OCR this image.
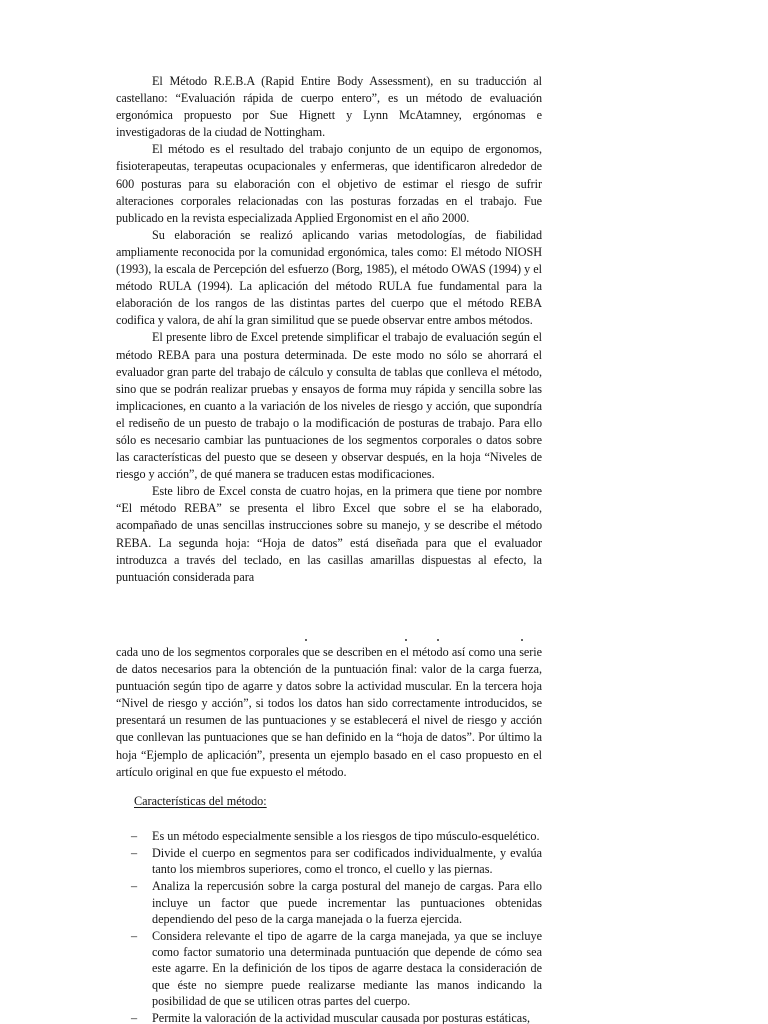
El Método R.E.B.A (Rapid Entire Body Assessment), en su traducción al castellano: “Evaluación rápida de cuerpo entero”, es un método de evaluación ergonómica propuesto por Sue Hignett y Lynn McAtamney, ergónomas e investigadoras de la ciudad de Nottingham.

El método es el resultado del trabajo conjunto de un equipo de ergonomos, fisioterapeutas, terapeutas ocupacionales y enfermeras, que identificaron alrededor de 600 posturas para su elaboración con el objetivo de estimar el riesgo de sufrir alteraciones corporales relacionadas con las posturas forzadas en el trabajo. Fue publicado en la revista especializada Applied Ergonomist en el año 2000.

Su elaboración se realizó aplicando varias metodologías, de fiabilidad ampliamente reconocida por la comunidad ergonómica, tales como: El método NIOSH (1993), la escala de Percepción del esfuerzo (Borg, 1985), el método OWAS (1994) y el método RULA (1994). La aplicación del método RULA fue fundamental para la elaboración de los rangos de las distintas partes del cuerpo que el método REBA codifica y valora, de ahí la gran similitud que se puede observar entre ambos métodos.

El presente libro de Excel pretende simplificar el trabajo de evaluación según el método REBA para una postura determinada. De este modo no sólo se ahorrará el evaluador gran parte del trabajo de cálculo y consulta de tablas que conlleva el método, sino que se podrán realizar pruebas y ensayos de forma muy rápida y sencilla sobre las implicaciones, en cuanto a la variación de los niveles de riesgo y acción, que supondría el rediseño de un puesto de trabajo o la modificación de posturas de trabajo. Para ello sólo es necesario cambiar las puntuaciones de los segmentos corporales o datos sobre las características del puesto que se deseen y observar después, en la hoja “Niveles de riesgo y acción”, de qué manera se traducen estas modificaciones.

Este libro de Excel consta de cuatro hojas, en la primera que tiene por nombre “El método REBA” se presenta el libro Excel que sobre el se ha elaborado, acompañado de unas sencillas instrucciones sobre su manejo, y se describe el método REBA. La segunda hoja: “Hoja de datos” está diseñada para que el evaluador introduzca a través del teclado, en las casillas amarillas dispuestas al efecto, la puntuación considerada para

cada uno de los segmentos corporales que se describen en el método así como una serie de datos necesarios para la obtención de la puntuación final: valor de la carga fuerza, puntuación según tipo de agarre y datos sobre la actividad muscular. En la tercera hoja “Nivel de riesgo y acción”, si todos los datos han sido correctamente introducidos, se presentará un resumen de las puntuaciones y se establecerá el nivel de riesgo y acción que conllevan las puntuaciones que se han definido en la “hoja de datos”. Por último la hoja “Ejemplo de aplicación”, presenta un ejemplo basado en el caso propuesto en el artículo original en que fue expuesto el método.

Características del método:
– Es un método especialmente sensible a los riesgos de tipo músculo-esquelético.
– Divide el cuerpo en segmentos para ser codificados individualmente, y evalúa tanto los miembros superiores, como el tronco, el cuello y las piernas.
– Analiza la repercusión sobre la carga postural del manejo de cargas. Para ello incluye un factor que puede incrementar las puntuaciones obtenidas dependiendo del peso de la carga manejada o la fuerza ejercida.
– Considera relevante el tipo de agarre de la carga manejada, ya que se incluye como factor sumatorio una determinada puntuación que depende de cómo sea este agarre. En la definición de los tipos de agarre destaca la consideración de que éste no siempre puede realizarse mediante las manos indicando la posibilidad de que se utilicen otras partes del cuerpo.
– Permite la valoración de la actividad muscular causada por posturas estáticas,
